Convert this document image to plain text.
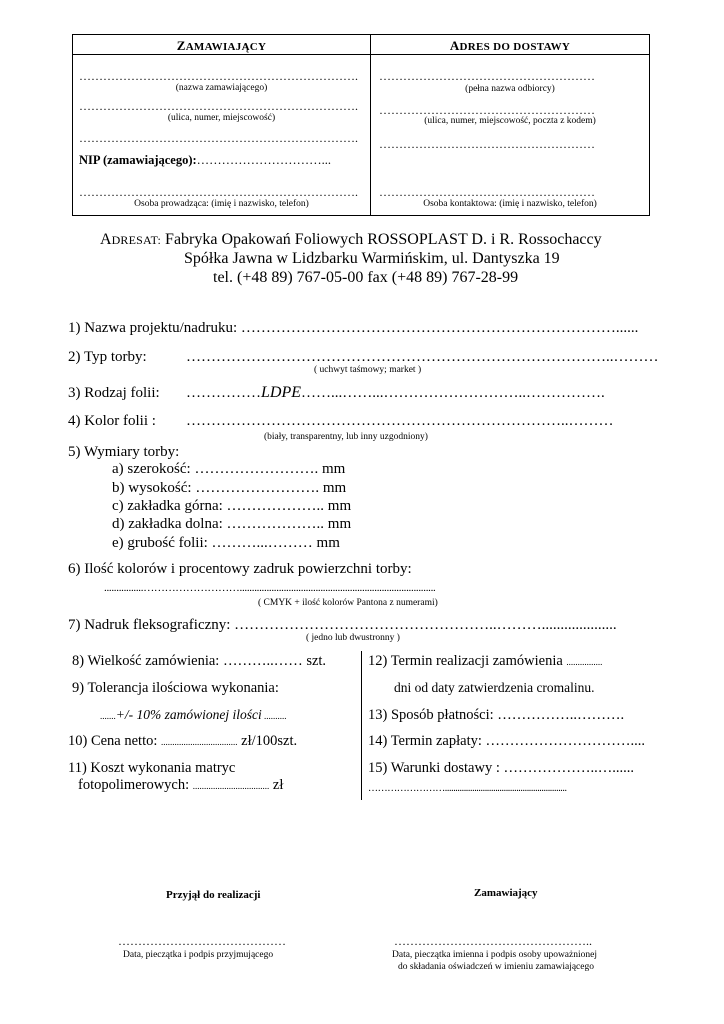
ZAMAWIAJĄCY	ADRES DO DOSTAWY
…………………………………………………………….
(nazwa zamawiającego)
…………………………………………………………….
(ulica, numer, miejscowość)
…………………………………………………………….
NIP (zamawiającego):…………………………...
…………………………………………………………….
Osoba prowadząca: (imię i nazwisko, telefon)
………………………………………………
(pełna nazwa odbiorcy)
………………………………………………
(ulica, numer, miejscowość, poczta z kodem)
………………………………………………
………………………………………………
Osoba kontaktowa: (imię i nazwisko, telefon)
ADRESAT: Fabryka Opakowań Foliowych ROSSOPLAST D. i R. Rossochaccy
Spółka Jawna w Lidzbarku Warmińskim, ul. Dantyszka 19
tel. (+48 89) 767-05-00 fax (+48 89) 767-28-99
1) Nazwa projektu/nadruku: …………………………………………………………………......
2) Typ torby:	…………………………………………………………………………..………
( uchwyt taśmowy; market )
3) Rodzaj folii: ……………LDPE……...……...………………………..…………….
4) Kolor folii : …………………………………………………………………..………
(biały, transparentny, lub inny uzgodniony)
5) Wymiary torby:
a) szerokość: ……………………. mm
b) wysokość: ……………………. mm
c) zakładka górna: ……………….. mm
d) zakładka dolna: ……………….. mm
e) grubość folii: ………...……… mm
6) Ilość kolorów i procentowy zadruk powierzchni torby:
................………………………................................................................................
( CMYK + ilość kolorów Pantona z numerami)
7) Nadruk fleksograficzny: ……………………………………………..………....................
( jedno lub dwustronny )
8) Wielkość zamówienia: ………..…… szt.
9) Tolerancja ilościowa wykonania:
.......+/- 10% zamówionej ilości ..........
10) Cena netto: .................................. zł/100szt.
11) Koszt wykonania matryc
fotopolimerowych: .................................. zł
12) Termin realizacji zamówienia ................
dni od daty zatwierdzenia cromalinu.
13) Sposób płatności: ……………..……….
14) Termin zapłaty: …………………………....
15) Warunki dostawy : ………………..…......
……………………..........................................................
Przyjął do realizacji
……………………………………
Data, pieczątka i podpis przyjmującego
Zamawiający
…………………………………………..
Data, pieczątka imienna i podpis osoby upoważnionej
do składania oświadczeń w imieniu zamawiającego
